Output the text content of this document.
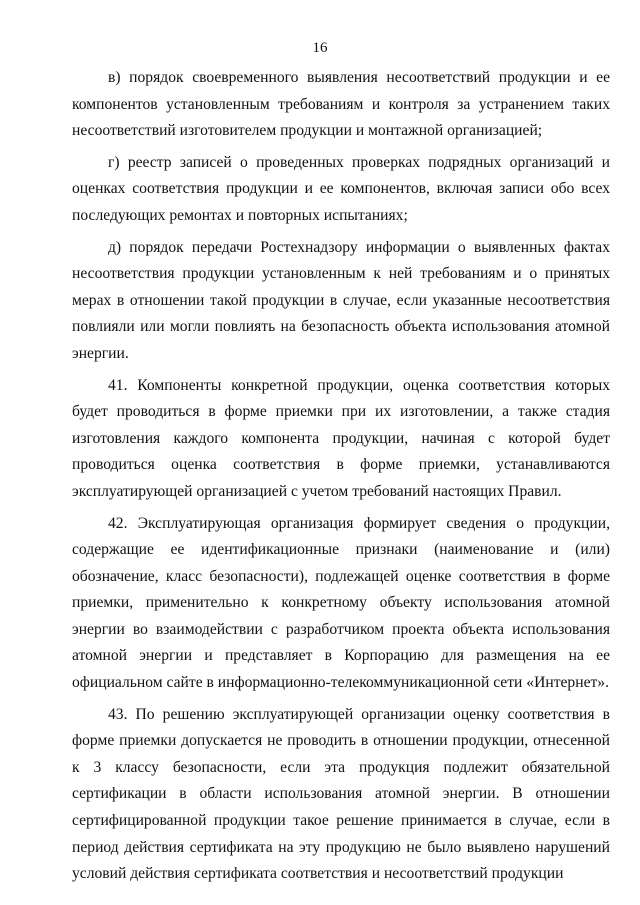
16

в) порядок своевременного выявления несоответствий продукции и ее компонентов установленным требованиям и контроля за устранением таких несоответствий изготовителем продукции и монтажной организацией;

г) реестр записей о проведенных проверках подрядных организаций и оценках соответствия продукции и ее компонентов, включая записи обо всех последующих ремонтах и повторных испытаниях;

д) порядок передачи Ростехнадзору информации о выявленных фактах несоответствия продукции установленным к ней требованиям и о принятых мерах в отношении такой продукции в случае, если указанные несоответствия повлияли или могли повлиять на безопасность объекта использования атомной энергии.

41. Компоненты конкретной продукции, оценка соответствия которых будет проводиться в форме приемки при их изготовлении, а также стадия изготовления каждого компонента продукции, начиная с которой будет проводиться оценка соответствия в форме приемки, устанавливаются эксплуатирующей организацией с учетом требований настоящих Правил.

42. Эксплуатирующая организация формирует сведения о продукции, содержащие ее идентификационные признаки (наименование и (или) обозначение, класс безопасности), подлежащей оценке соответствия в форме приемки, применительно к конкретному объекту использования атомной энергии во взаимодействии с разработчиком проекта объекта использования атомной энергии и представляет в Корпорацию для размещения на ее официальном сайте в информационно-телекоммуникационной сети «Интернет».

43. По решению эксплуатирующей организации оценку соответствия в форме приемки допускается не проводить в отношении продукции, отнесенной к 3 классу безопасности, если эта продукция подлежит обязательной сертификации в области использования атомной энергии. В отношении сертифицированной продукции такое решение принимается в случае, если в период действия сертификата на эту продукцию не было выявлено нарушений условий действия сертификата соответствия и несоответствий продукции
